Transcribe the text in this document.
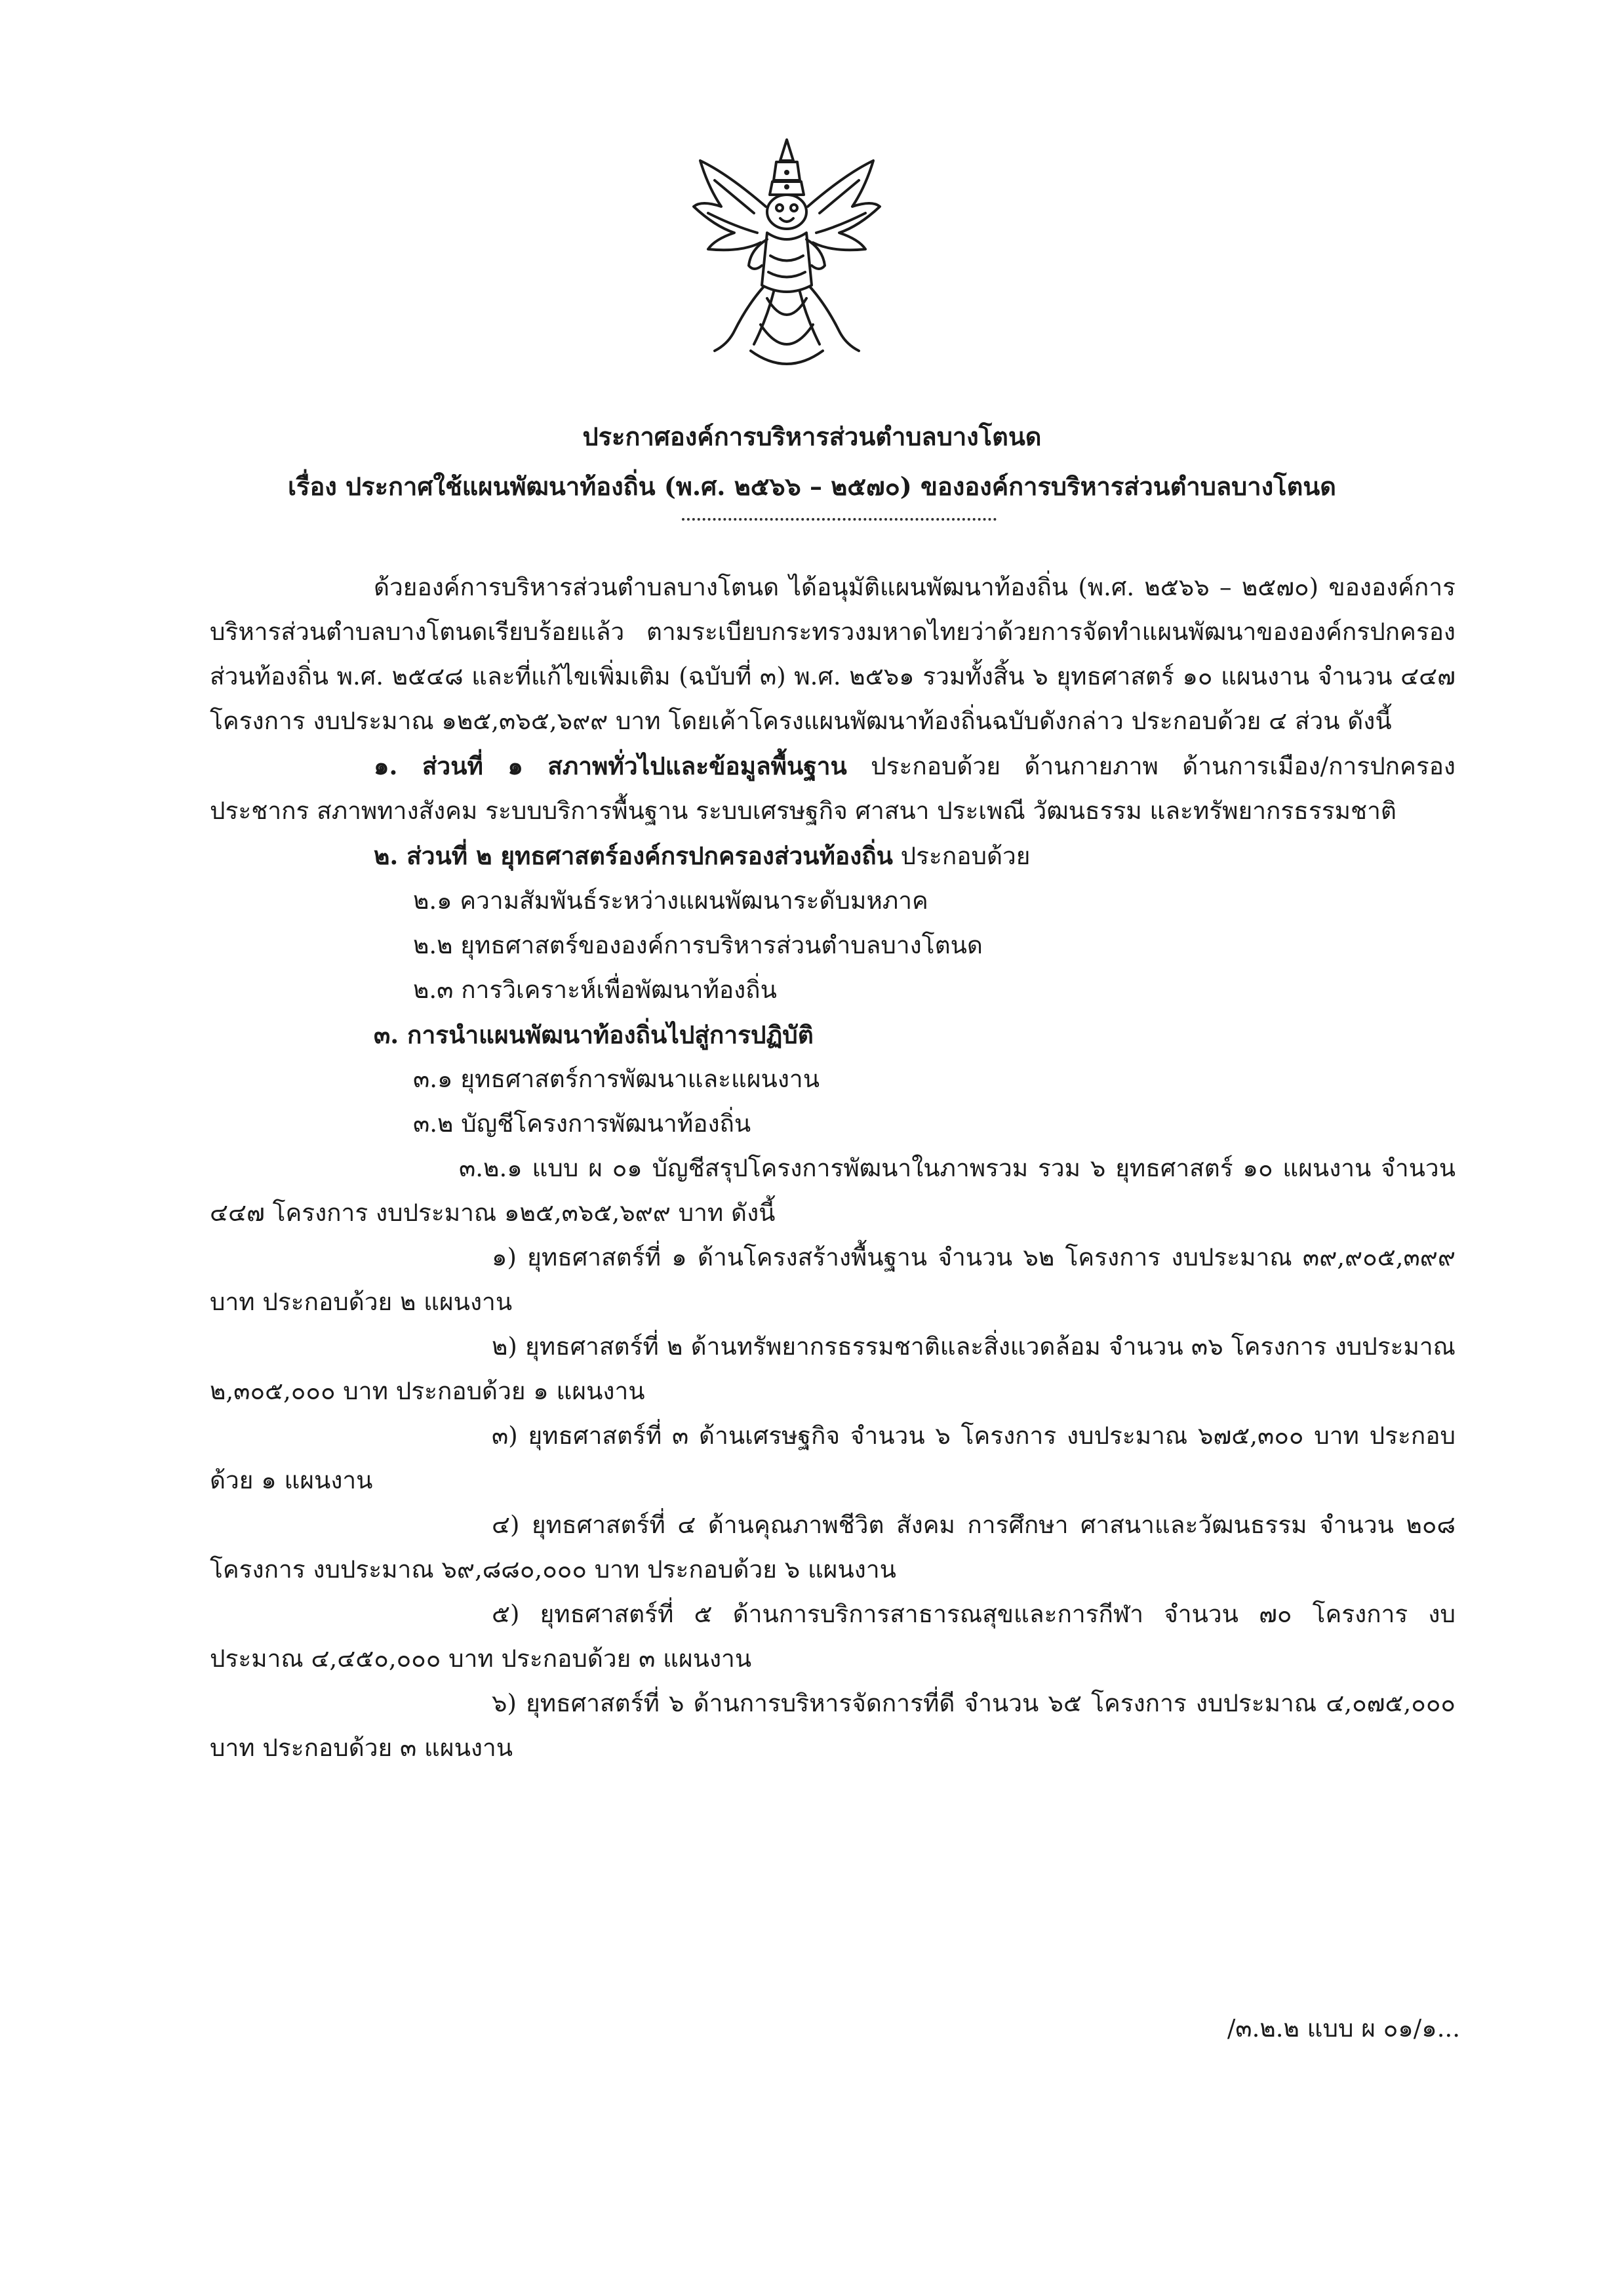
ประกาศองค์การบริหารส่วนตำบลบางโตนด
เรื่อง ประกาศใช้แผนพัฒนาท้องถิ่น (พ.ศ. ๒๕๖๖ – ๒๕๗๐) ขององค์การบริหารส่วนตำบลบางโตนด

ด้วยองค์การบริหารส่วนตำบลบางโตนด ได้อนุมัติแผนพัฒนาท้องถิ่น (พ.ศ. ๒๕๖๖ – ๒๕๗๐) ขององค์การบริหารส่วนตำบลบางโตนดเรียบร้อยแล้ว ตามระเบียบกระทรวงมหาดไทยว่าด้วยการจัดทำแผนพัฒนาขององค์กรปกครองส่วนท้องถิ่น พ.ศ. ๒๕๔๘ และที่แก้ไขเพิ่มเติม (ฉบับที่ ๓) พ.ศ. ๒๕๖๑ รวมทั้งสิ้น ๖ ยุทธศาสตร์ ๑๐ แผนงาน จำนวน ๔๔๗ โครงการ งบประมาณ ๑๒๕,๓๖๕,๖๙๙ บาท โดยเค้าโครงแผนพัฒนาท้องถิ่นฉบับดังกล่าว ประกอบด้วย ๔ ส่วน ดังนี้

๑. ส่วนที่ ๑ สภาพทั่วไปและข้อมูลพื้นฐาน ประกอบด้วย ด้านกายภาพ ด้านการเมือง/การปกครอง ประชากร สภาพทางสังคม ระบบบริการพื้นฐาน ระบบเศรษฐกิจ ศาสนา ประเพณี วัฒนธรรม และทรัพยากรธรรมชาติ

๒. ส่วนที่ ๒ ยุทธศาสตร์องค์กรปกครองส่วนท้องถิ่น ประกอบด้วย

๒.๑ ความสัมพันธ์ระหว่างแผนพัฒนาระดับมหภาค

๒.๒ ยุทธศาสตร์ขององค์การบริหารส่วนตำบลบางโตนด

๒.๓ การวิเคราะห์เพื่อพัฒนาท้องถิ่น

๓. การนำแผนพัฒนาท้องถิ่นไปสู่การปฏิบัติ

๓.๑ ยุทธศาสตร์การพัฒนาและแผนงาน

๓.๒ บัญชีโครงการพัฒนาท้องถิ่น

๓.๒.๑ แบบ ผ ๐๑ บัญชีสรุปโครงการพัฒนาในภาพรวม รวม ๖ ยุทธศาสตร์ ๑๐ แผนงาน จำนวน ๔๔๗ โครงการ งบประมาณ ๑๒๕,๓๖๕,๖๙๙ บาท ดังนี้

๑) ยุทธศาสตร์ที่ ๑ ด้านโครงสร้างพื้นฐาน จำนวน ๖๒ โครงการ งบประมาณ ๓๙,๙๐๕,๓๙๙ บาท ประกอบด้วย ๒ แผนงาน

๒) ยุทธศาสตร์ที่ ๒ ด้านทรัพยากรธรรมชาติและสิ่งแวดล้อม จำนวน ๓๖ โครงการ งบประมาณ ๒,๓๐๕,๐๐๐ บาท ประกอบด้วย ๑ แผนงาน

๓) ยุทธศาสตร์ที่ ๓ ด้านเศรษฐกิจ จำนวน ๖ โครงการ งบประมาณ ๖๗๕,๓๐๐ บาท ประกอบด้วย ๑ แผนงาน

๔) ยุทธศาสตร์ที่ ๔ ด้านคุณภาพชีวิต สังคม การศึกษา ศาสนาและวัฒนธรรม จำนวน ๒๐๘ โครงการ งบประมาณ ๖๙,๘๘๐,๐๐๐ บาท ประกอบด้วย ๖ แผนงาน

๕) ยุทธศาสตร์ที่ ๕ ด้านการบริการสาธารณสุขและการกีฬา จำนวน ๗๐ โครงการ งบประมาณ ๔,๔๕๐,๐๐๐ บาท ประกอบด้วย ๓ แผนงาน

๖) ยุทธศาสตร์ที่ ๖ ด้านการบริหารจัดการที่ดี จำนวน ๖๕ โครงการ งบประมาณ ๔,๐๗๕,๐๐๐ บาท ประกอบด้วย ๓ แผนงาน

/๓.๒.๒ แบบ ผ ๐๑/๑...
